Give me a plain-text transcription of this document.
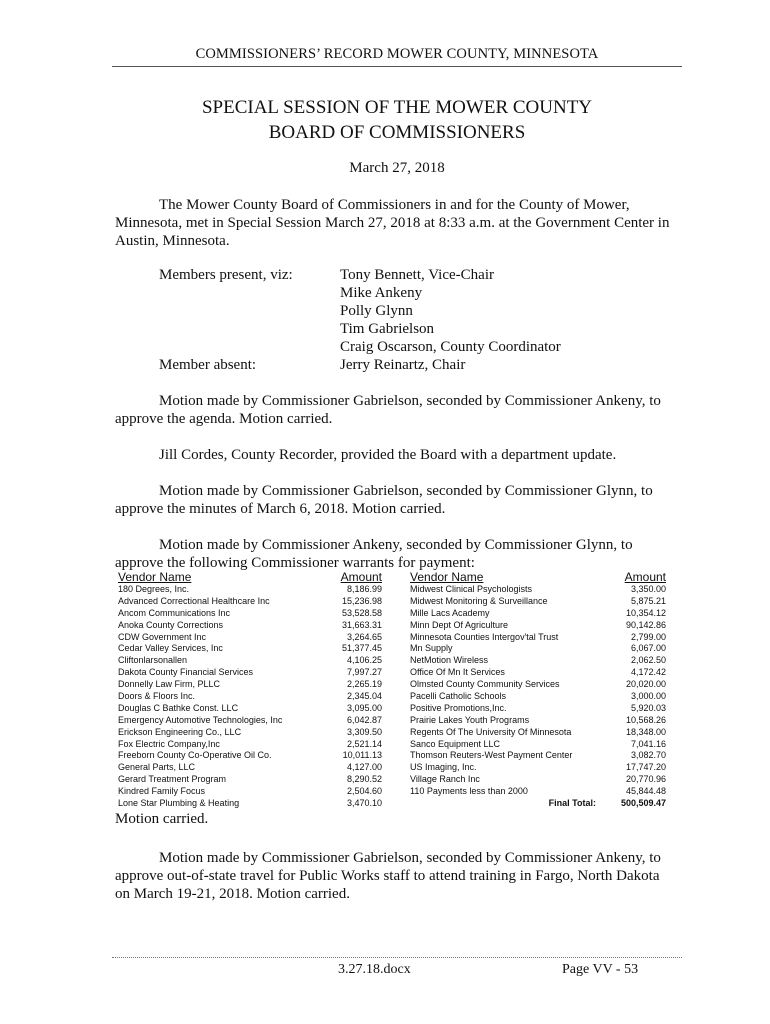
COMMISSIONERS’ RECORD MOWER COUNTY, MINNESOTA
SPECIAL SESSION OF THE MOWER COUNTY
BOARD OF COMMISSIONERS
March 27, 2018

The Mower County Board of Commissioners in and for the County of Mower, Minnesota, met in Special Session March 27, 2018 at 8:33 a.m. at the Government Center in Austin, Minnesota.

Members present, viz:	Tony Bennett, Vice-Chair
Mike Ankeny
Polly Glynn
Tim Gabrielson
Craig Oscarson, County Coordinator
Member absent:	Jerry Reinartz, Chair

Motion made by Commissioner Gabrielson, seconded by Commissioner Ankeny, to approve the agenda. Motion carried.

Jill Cordes, County Recorder, provided the Board with a department update.

Motion made by Commissioner Gabrielson, seconded by Commissioner Glynn, to approve the minutes of March 6, 2018. Motion carried.

Motion made by Commissioner Ankeny, seconded by Commissioner Glynn, to approve the following Commissioner warrants for payment:

Vendor Name	Amount
180 Degrees, Inc.	8,186.99
Advanced Correctional Healthcare Inc	15,236.98
Ancom Communications Inc	53,528.58
Anoka County Corrections	31,663.31
CDW Government Inc	3,264.65
Cedar Valley Services, Inc	51,377.45
Cliftonlarsonallen	4,106.25
Dakota County Financial Services	7,997.27
Donnelly Law Firm, PLLC	2,265.19
Doors & Floors Inc.	2,345.04
Douglas C Bathke Const. LLC	3,095.00
Emergency Automotive Technologies, Inc	6,042.87
Erickson Engineering Co., LLC	3,309.50
Fox Electric Company,Inc	2,521.14
Freeborn County Co-Operative Oil Co.	10,011.13
General Parts, LLC	4,127.00
Gerard Treatment Program	8,290.52
Kindred Family Focus	2,504.60
Lone Star Plumbing & Heating	3,470.10
Vendor Name	Amount
Midwest Clinical Psychologists	3,350.00
Midwest Monitoring & Surveillance	5,875.21
Mille Lacs Academy	10,354.12
Minn Dept Of Agriculture	90,142.86
Minnesota Counties Intergov'tal Trust	2,799.00
Mn Supply	6,067.00
NetMotion Wireless	2,062.50
Office Of Mn It Services	4,172.42
Olmsted County Community Services	20,020.00
Pacelli Catholic Schools	3,000.00
Positive Promotions,Inc.	5,920.03
Prairie Lakes Youth Programs	10,568.26
Regents Of The University Of Minnesota	18,348.00
Sanco Equipment LLC	7,041.16
Thomson Reuters-West Payment Center	3,082.70
US Imaging, Inc.	17,747.20
Village Ranch Inc	20,770.96
110 Payments less than 2000	45,844.48
Final Total:	500,509.47

Motion carried.

Motion made by Commissioner Gabrielson, seconded by Commissioner Ankeny, to approve out-of-state travel for Public Works staff to attend training in Fargo, North Dakota on March 19-21, 2018. Motion carried.

3.27.18.docx	Page VV - 53
